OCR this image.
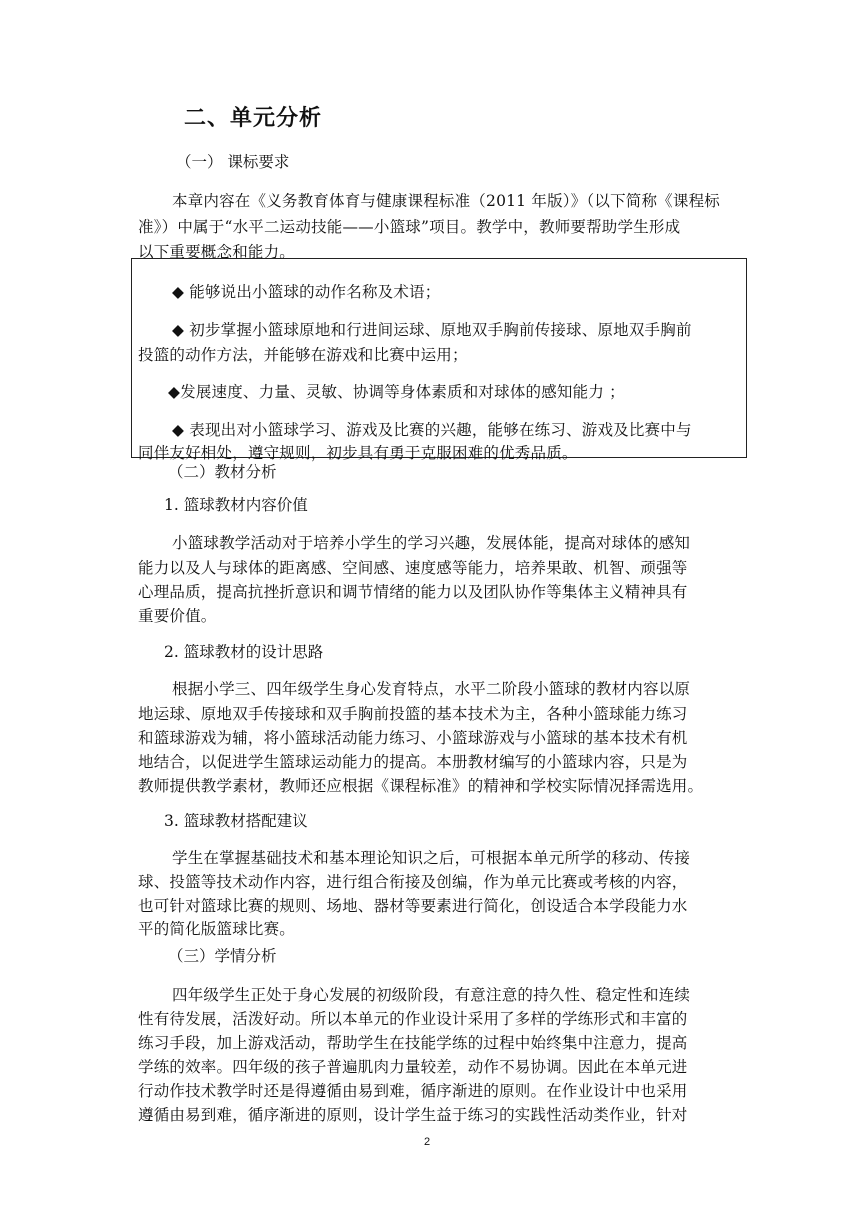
二、单元分析
（一） 课标要求
本章内容在《义务教育体育与健康课程标准（2011 年版）》（以下简称《课程标
准》）中属于“水平二运动技能——小篮球”项目。教学中，教师要帮助学生形成
以下重要概念和能力。
◆ 能够说出小篮球的动作名称及术语；
◆ 初步掌握小篮球原地和行进间运球、原地双手胸前传接球、原地双手胸前
投篮的动作方法，并能够在游戏和比赛中运用；
◆发展速度、力量、灵敏、协调等身体素质和对球体的感知能力 ；
◆ 表现出对小篮球学习、游戏及比赛的兴趣，能够在练习、游戏及比赛中与
同伴友好相处，遵守规则，初步具有勇于克服困难的优秀品质。
（二）教材分析
1. 篮球教材内容价值
小篮球教学活动对于培养小学生的学习兴趣，发展体能，提高对球体的感知
能力以及人与球体的距离感、空间感、速度感等能力，培养果敢、机智、顽强等
心理品质，提高抗挫折意识和调节情绪的能力以及团队协作等集体主义精神具有
重要价值。
2. 篮球教材的设计思路
根据小学三、四年级学生身心发育特点，水平二阶段小篮球的教材内容以原
地运球、原地双手传接球和双手胸前投篮的基本技术为主，各种小篮球能力练习
和篮球游戏为辅，将小篮球活动能力练习、小篮球游戏与小篮球的基本技术有机
地结合，以促进学生篮球运动能力的提高。本册教材编写的小篮球内容，只是为
教师提供教学素材，教师还应根据《课程标准》的精神和学校实际情况择需选用。
3. 篮球教材搭配建议
学生在掌握基础技术和基本理论知识之后，可根据本单元所学的移动、传接
球、投篮等技术动作内容，进行组合衔接及创编，作为单元比赛或考核的内容，
也可针对篮球比赛的规则、场地、器材等要素进行简化，创设适合本学段能力水
平的简化版篮球比赛。
（三）学情分析
四年级学生正处于身心发展的初级阶段，有意注意的持久性、稳定性和连续
性有待发展，活泼好动。所以本单元的作业设计采用了多样的学练形式和丰富的
练习手段，加上游戏活动，帮助学生在技能学练的过程中始终集中注意力，提高
学练的效率。四年级的孩子普遍肌肉力量较差，动作不易协调。因此在本单元进
行动作技术教学时还是得遵循由易到难，循序渐进的原则。在作业设计中也采用
遵循由易到难，循序渐进的原则，设计学生益于练习的实践性活动类作业，针对
2
